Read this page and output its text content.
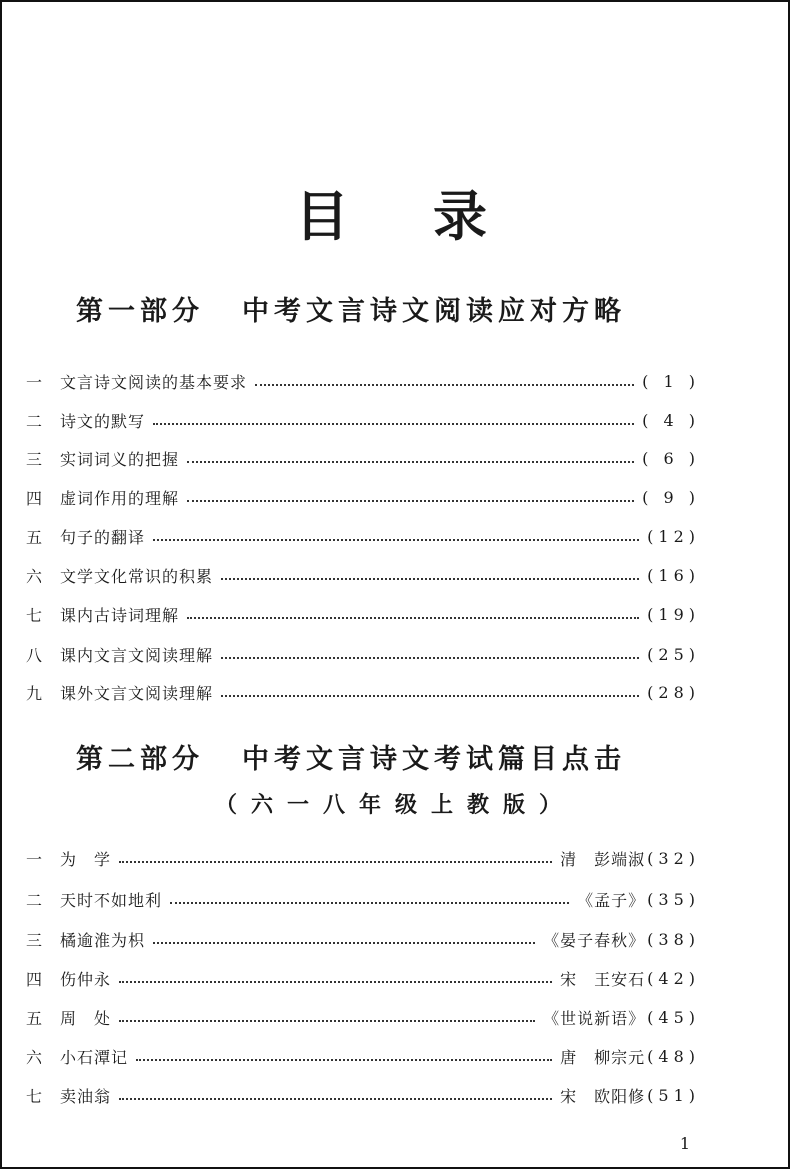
目 录
第一部分 中考文言诗文阅读应对方略
一	文言诗文阅读的基本要求	( 1 )
二	诗文的默写	( 4 )
三	实词词义的把握	( 6 )
四	虚词作用的理解	( 9 )
五	句子的翻译	(12)
六	文学文化常识的积累	(16)
七	课内古诗词理解	(19)
八	课内文言文阅读理解	(25)
九	课外文言文阅读理解	(28)
第二部分 中考文言诗文考试篇目点击
（六一八年级上教版）
一	为　学	清　彭端淑 (32)
二	天时不如地利	《孟子》 (35)
三	橘逾淮为枳	《晏子春秋》 (38)
四	伤仲永	宋　王安石 (42)
五	周　处	《世说新语》 (45)
六	小石潭记	唐　柳宗元 (48)
七	卖油翁	宋　欧阳修 (51)
1
